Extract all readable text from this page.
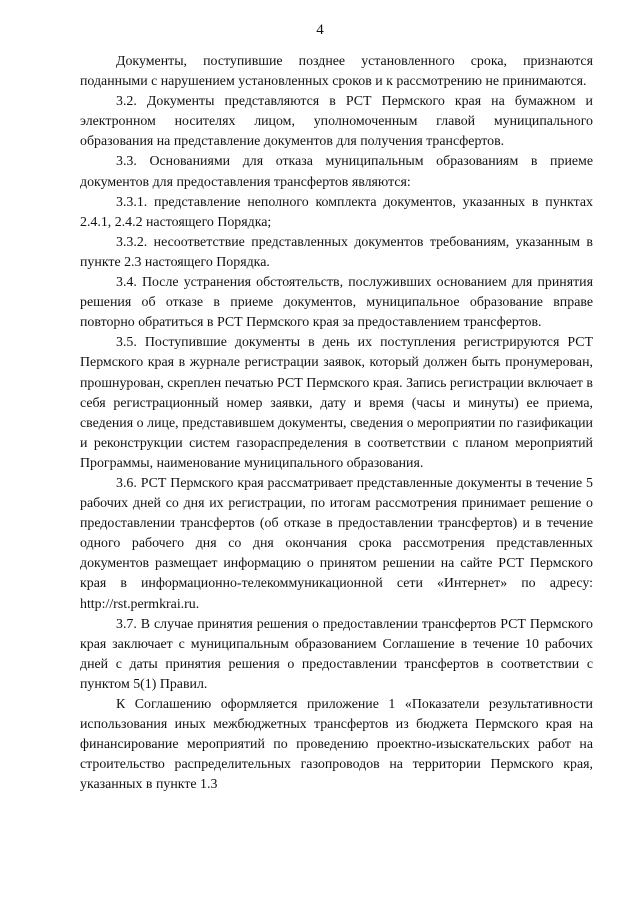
4

Документы, поступившие позднее установленного срока, признаются поданными с нарушением установленных сроков и к рассмотрению не принимаются.

3.2. Документы представляются в РСТ Пермского края на бумажном и электронном носителях лицом, уполномоченным главой муниципального образования на представление документов для получения трансфертов.

3.3. Основаниями для отказа муниципальным образованиям в приеме документов для предоставления трансфертов являются:

3.3.1. представление неполного комплекта документов, указанных в пунктах 2.4.1, 2.4.2 настоящего Порядка;

3.3.2. несоответствие представленных документов требованиям, указанным в пункте 2.3 настоящего Порядка.

3.4. После устранения обстоятельств, послуживших основанием для принятия решения об отказе в приеме документов, муниципальное образование вправе повторно обратиться в РСТ Пермского края за предоставлением трансфертов.

3.5. Поступившие документы в день их поступления регистрируются РСТ Пермского края в журнале регистрации заявок, который должен быть пронумерован, прошнурован, скреплен печатью РСТ Пермского края. Запись регистрации включает в себя регистрационный номер заявки, дату и время (часы и минуты) ее приема, сведения о лице, представившем документы, сведения о мероприятии по газификации и реконструкции систем газораспределения в соответствии с планом мероприятий Программы, наименование муниципального образования.

3.6. РСТ Пермского края рассматривает представленные документы в течение 5 рабочих дней со дня их регистрации, по итогам рассмотрения принимает решение о предоставлении трансфертов (об отказе в предоставлении трансфертов) и в течение одного рабочего дня со дня окончания срока рассмотрения представленных документов размещает информацию о принятом решении на сайте РСТ Пермского края в информационно-телекоммуникационной сети «Интернет» по адресу: http://rst.permkrai.ru.

3.7. В случае принятия решения о предоставлении трансфертов РСТ Пермского края заключает с муниципальным образованием Соглашение в течение 10 рабочих дней с даты принятия решения о предоставлении трансфертов в соответствии с пунктом 5(1) Правил.

К Соглашению оформляется приложение 1 «Показатели результативности использования иных межбюджетных трансфертов из бюджета Пермского края на финансирование мероприятий по проведению проектно-изыскательских работ на строительство распределительных газопроводов на территории Пермского края, указанных в пункте 1.3
